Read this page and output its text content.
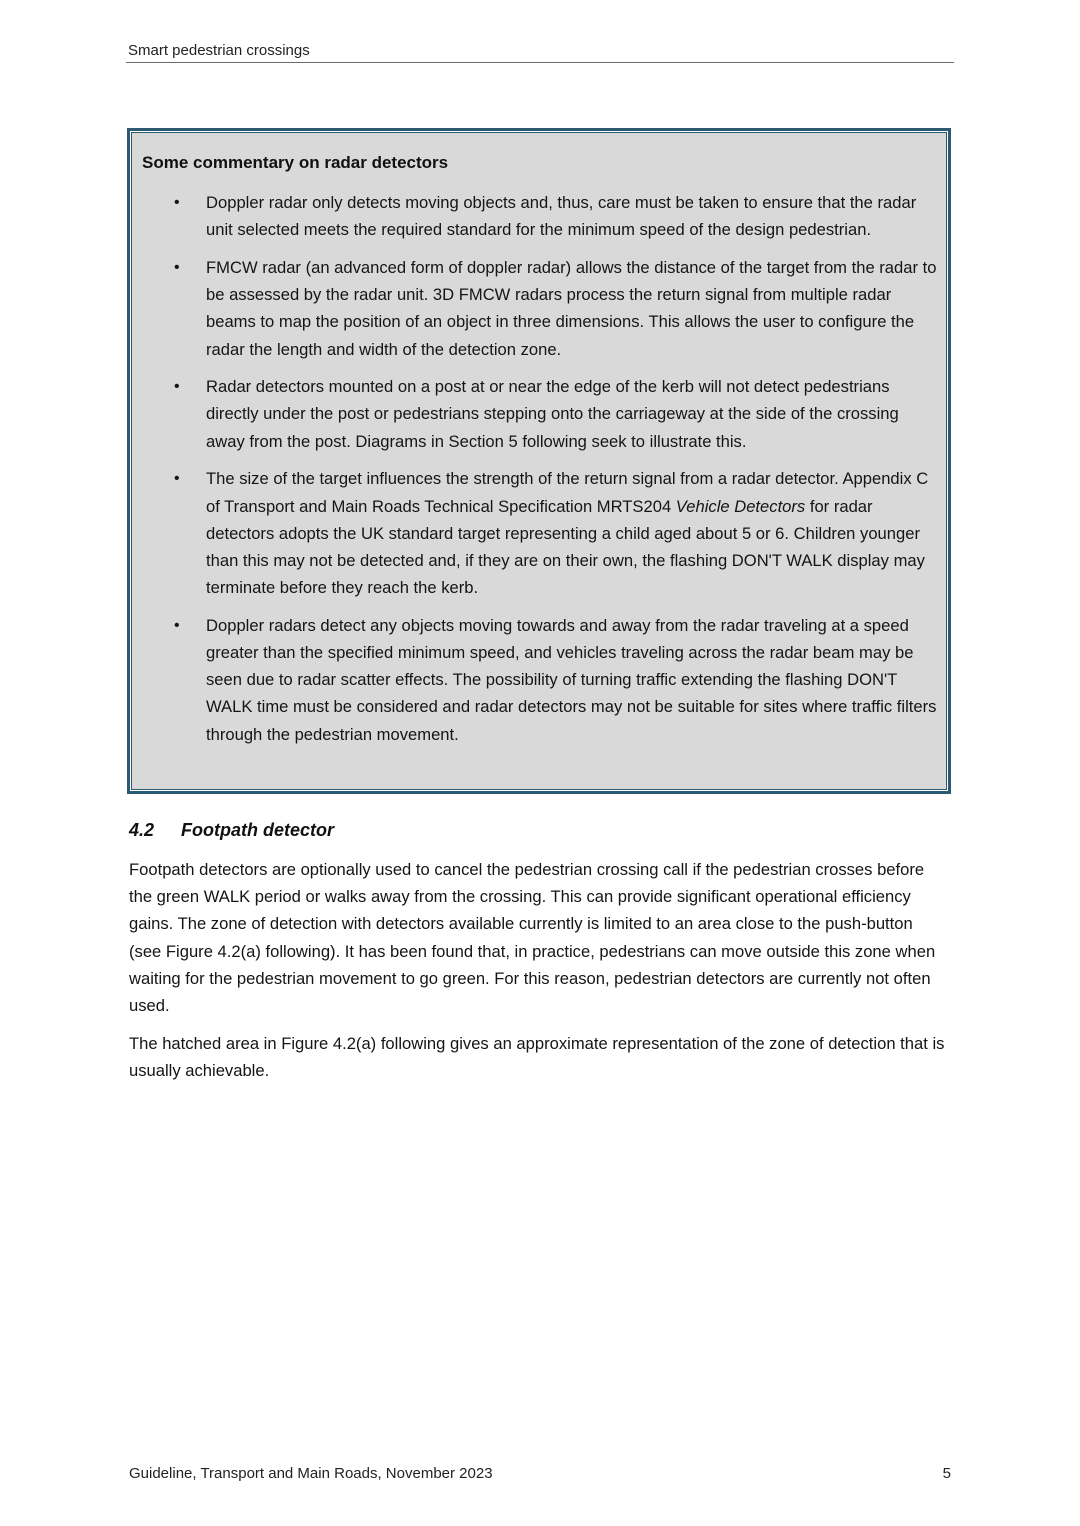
Smart pedestrian crossings
Some commentary on radar detectors
• Doppler radar only detects moving objects and, thus, care must be taken to ensure that the radar unit selected meets the required standard for the minimum speed of the design pedestrian.
• FMCW radar (an advanced form of doppler radar) allows the distance of the target from the radar to be assessed by the radar unit. 3D FMCW radars process the return signal from multiple radar beams to map the position of an object in three dimensions. This allows the user to configure the radar the length and width of the detection zone.
• Radar detectors mounted on a post at or near the edge of the kerb will not detect pedestrians directly under the post or pedestrians stepping onto the carriageway at the side of the crossing away from the post. Diagrams in Section 5 following seek to illustrate this.
• The size of the target influences the strength of the return signal from a radar detector. Appendix C of Transport and Main Roads Technical Specification MRTS204 Vehicle Detectors for radar detectors adopts the UK standard target representing a child aged about 5 or 6. Children younger than this may not be detected and, if they are on their own, the flashing DON'T WALK display may terminate before they reach the kerb.
• Doppler radars detect any objects moving towards and away from the radar traveling at a speed greater than the specified minimum speed, and vehicles traveling across the radar beam may be seen due to radar scatter effects. The possibility of turning traffic extending the flashing DON'T WALK time must be considered and radar detectors may not be suitable for sites where traffic filters through the pedestrian movement.
4.2 Footpath detector

Footpath detectors are optionally used to cancel the pedestrian crossing call if the pedestrian crosses before the green WALK period or walks away from the crossing. This can provide significant operational efficiency gains. The zone of detection with detectors available currently is limited to an area close to the push-button (see Figure 4.2(a) following). It has been found that, in practice, pedestrians can move outside this zone when waiting for the pedestrian movement to go green. For this reason, pedestrian detectors are currently not often used.

The hatched area in Figure 4.2(a) following gives an approximate representation of the zone of detection that is usually achievable.

Guideline, Transport and Main Roads, November 2023	5
